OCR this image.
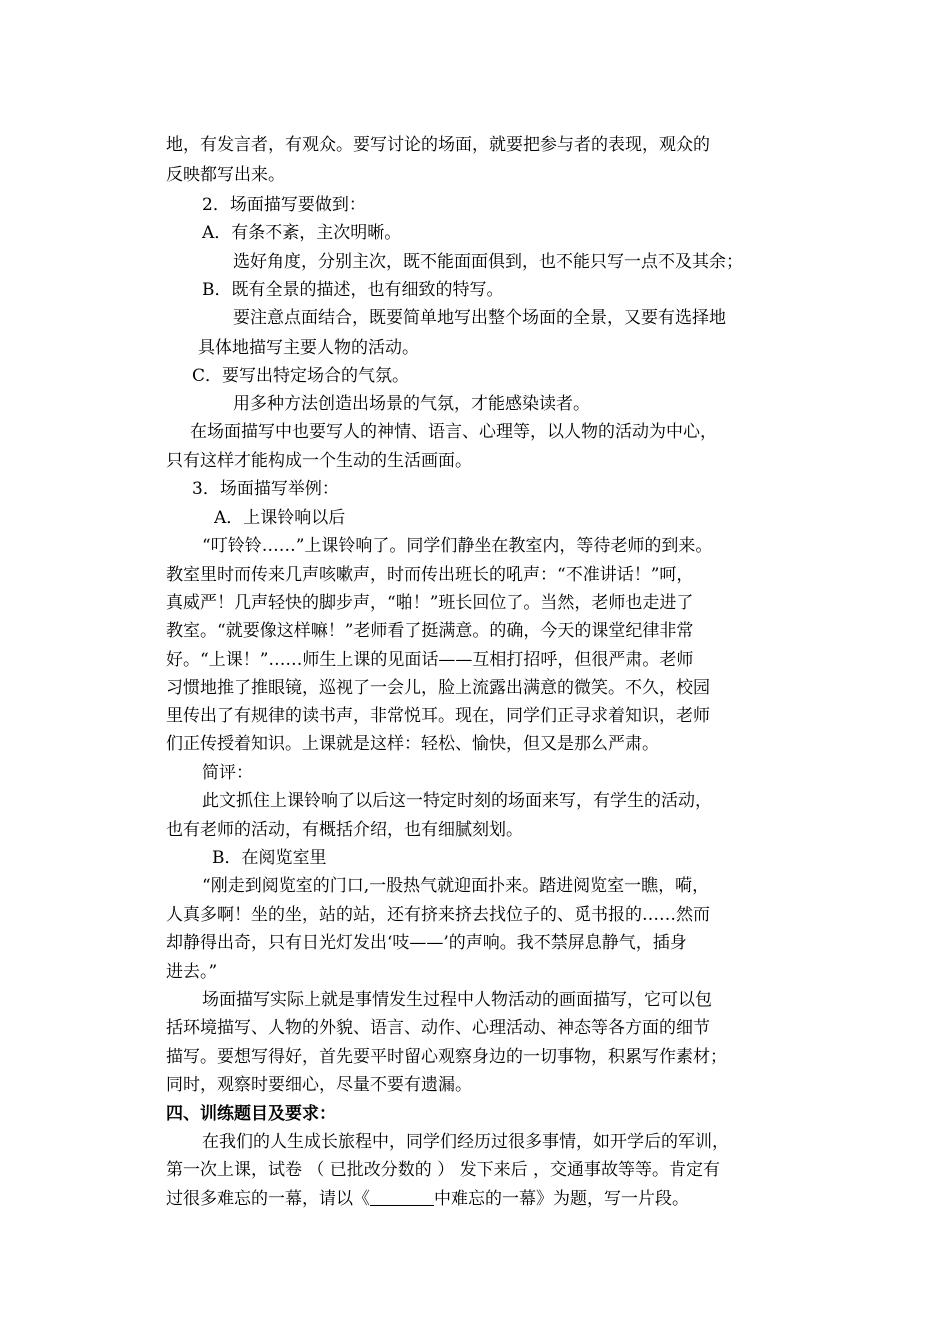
地，有发言者，有观众。要写讨论的场面，就要把参与者的表现，观众的
反映都写出来。
2．场面描写要做到：
A．有条不紊，主次明晰。
选好角度，分别主次，既不能面面俱到，也不能只写一点不及其余；
B．既有全景的描述，也有细致的特写。
要注意点面结合，既要简单地写出整个场面的全景，又要有选择地
具体地描写主要人物的活动。
C．要写出特定场合的气氛。
用多种方法创造出场景的气氛，才能感染读者。
在场面描写中也要写人的神情、语言、心理等，以人物的活动为中心，
只有这样才能构成一个生动的生活画面。
3．场面描写举例：
A．上课铃响以后
“叮铃铃……”上课铃响了。同学们静坐在教室内，等待老师的到来。
教室里时而传来几声咳嗽声，时而传出班长的吼声：“不准讲话！”呵，
真威严！几声轻快的脚步声，“啪！”班长回位了。当然，老师也走进了
教室。“就要像这样嘛！”老师看了挺满意。的确，今天的课堂纪律非常
好。“上课！”……师生上课的见面话——互相打招呼，但很严肃。老师
习惯地推了推眼镜，巡视了一会儿，脸上流露出满意的微笑。不久，校园
里传出了有规律的读书声，非常悦耳。现在，同学们正寻求着知识，老师
们正传授着知识。上课就是这样：轻松、愉快，但又是那么严肃。
简评：
此文抓住上课铃响了以后这一特定时刻的场面来写，有学生的活动，
也有老师的活动，有概括介绍，也有细腻刻划。
B．在阅览室里
“刚走到阅览室的门口,一股热气就迎面扑来。踏进阅览室一瞧，嗬，
人真多啊！坐的坐，站的站，还有挤来挤去找位子的、觅书报的……然而
却静得出奇，只有日光灯发出‘吱——’的声响。我不禁屏息静气，插身
进去。”
场面描写实际上就是事情发生过程中人物活动的画面描写，它可以包
括环境描写、人物的外貌、语言、动作、心理活动、神态等各方面的细节
描写。要想写得好，首先要平时留心观察身边的一切事物，积累写作素材；
同时，观察时要细心，尽量不要有遗漏。
四、训练题目及要求：
在我们的人生成长旅程中，同学们经历过很多事情，如开学后的军训，
第一次上课，试卷 （ 已批改分数的 ） 发下来后 ，交通事故等等。肯定有
过很多难忘的一幕，请以《	中难忘的一幕》为题，写一片段。
